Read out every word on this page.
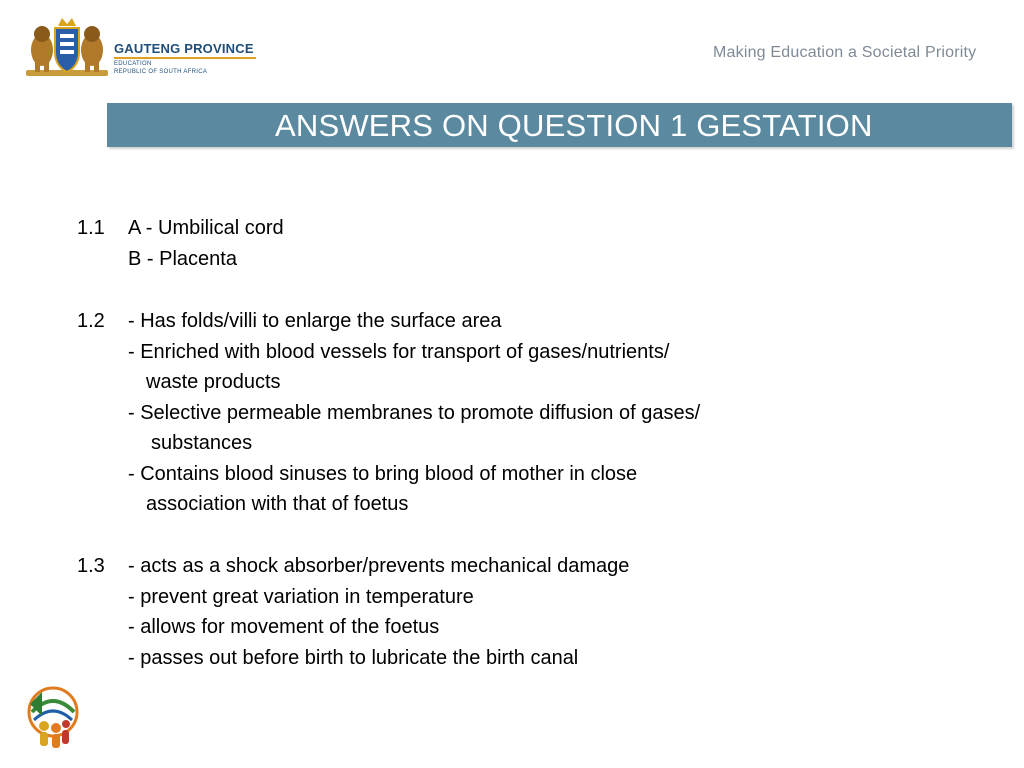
GAUTENG PROVINCE
EDUCATION
REPUBLIC OF SOUTH AFRICA
Making Education a Societal Priority
ANSWERS ON QUESTION 1 GESTATION
1.1 A - Umbilical cord
B - Placenta
1.2 - Has folds/villi to enlarge the surface area
- Enriched with blood vessels for transport of gases/nutrients/
waste products
- Selective permeable membranes to promote diffusion of gases/
substances
- Contains blood sinuses to bring blood of mother in close
association with that of foetus
1.3 - acts as a shock absorber/prevents mechanical damage
- prevent great variation in temperature
- allows for movement of the foetus
- passes out before birth to lubricate the birth canal
